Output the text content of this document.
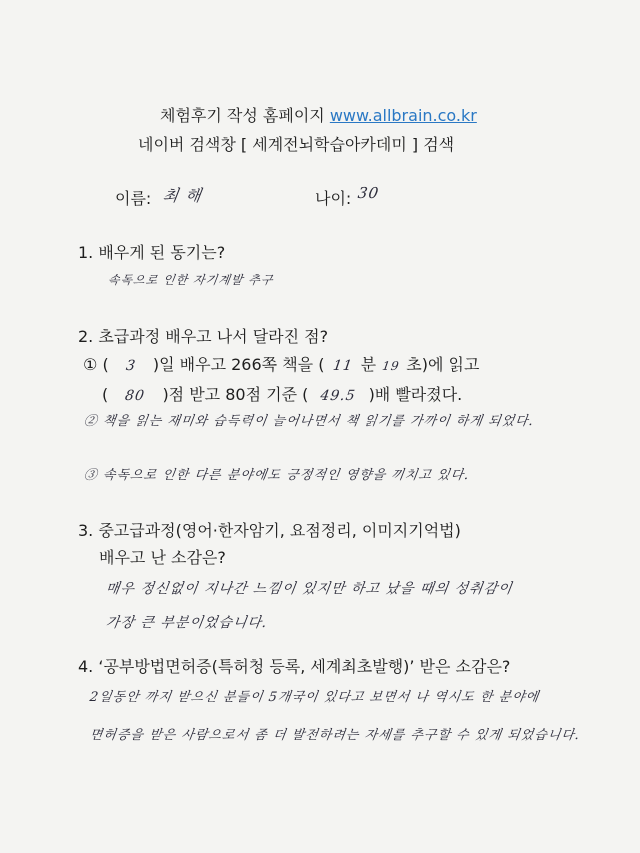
체험후기 작성 홈페이지 www.allbrain.co.kr
네이버 검색창 [ 세계전뇌학습아카데미 ] 검색
이름: 최 해	나이: 30
1. 배우게 된 동기는?
속독으로 인한 자기계발 추구
2. 초급과정 배우고 나서 달라진 점?
① ( 3 )일 배우고 266쪽 책을 ( 11 분 19 초)에 읽고
( 80 )점 받고 80점 기준 ( 49.5 )배 빨라졌다.
② 책을 읽는 재미와 습득력이 늘어나면서 책 읽기를 가까이 하게 되었다.
③ 속독으로 인한 다른 분야에도 긍정적인 영향을 끼치고 있다.
3. 중고급과정(영어·한자암기, 요점정리, 이미지기억법)
배우고 난 소감은?
매우 정신없이 지나간 느낌이 있지만 하고 났을 때의 성취감이
가장 큰 부분이었습니다.
4. ‘공부방법면허증(특허청 등록, 세계최초발행)’ 받은 소감은?
2일동안 까지 받으신 분들이 5개국이 있다고 보면서 나 역시도 한 분야에
면허증을 받은 사람으로서 좀 더 발전하려는 자세를 추구할 수 있게 되었습니다.
